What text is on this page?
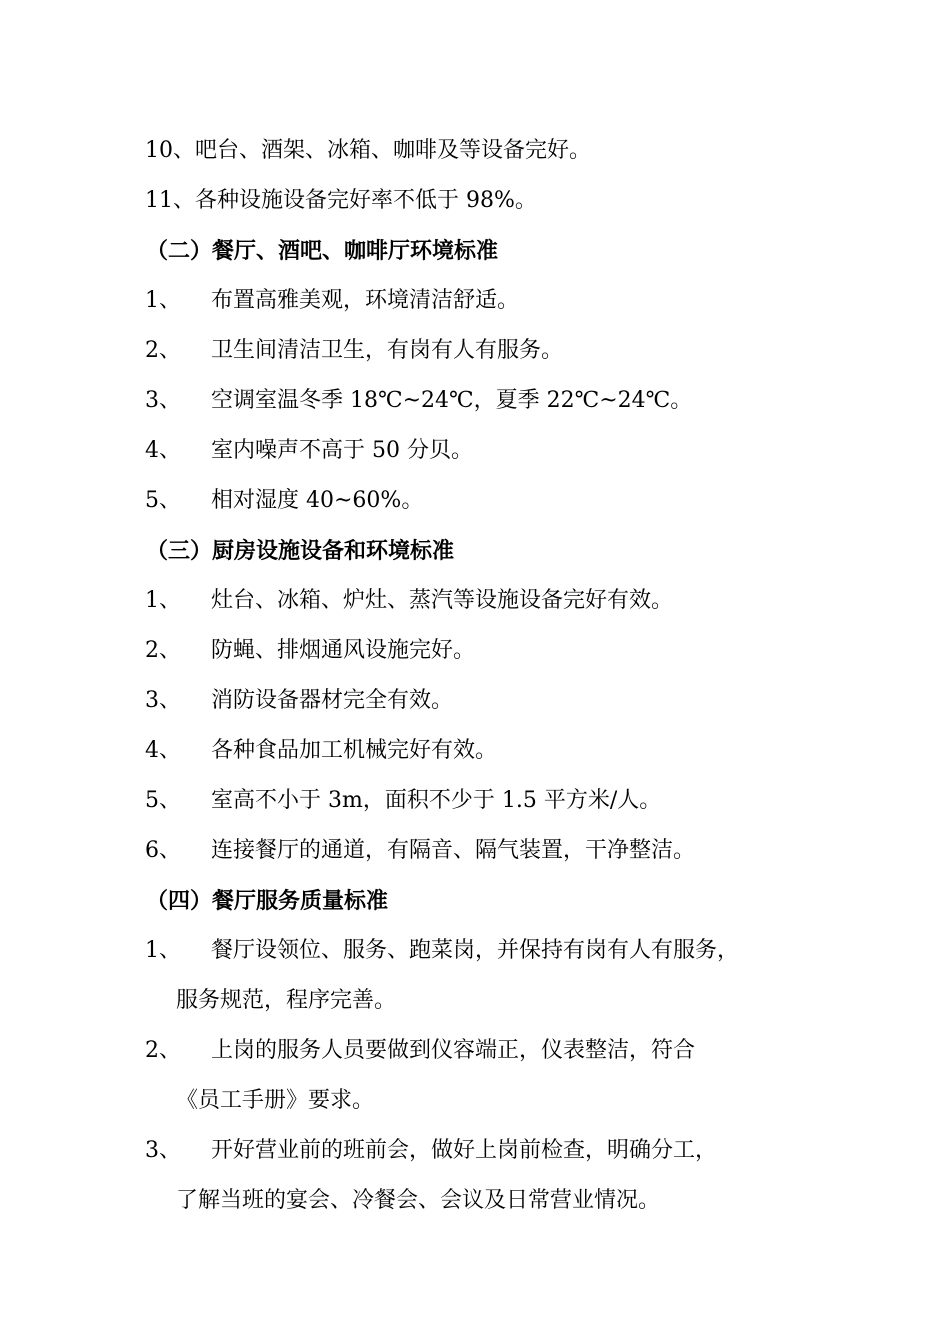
10、吧台、酒架、冰箱、咖啡及等设备完好。
11、各种设施设备完好率不低于 98%。
（二）餐厅、酒吧、咖啡厅环境标准
1、 布置高雅美观，环境清洁舒适。
2、 卫生间清洁卫生，有岗有人有服务。
3、 空调室温冬季 18℃~24℃，夏季 22℃~24℃。
4、 室内噪声不高于 50 分贝。
5、 相对湿度 40~60%。
（三）厨房设施设备和环境标准
1、 灶台、冰箱、炉灶、蒸汽等设施设备完好有效。
2、 防蝇、排烟通风设施完好。
3、 消防设备器材完全有效。
4、 各种食品加工机械完好有效。
5、 室高不小于 3m，面积不少于 1.5 平方米/人。
6、 连接餐厅的通道，有隔音、隔气装置，干净整洁。
（四）餐厅服务质量标准
1、 餐厅设领位、服务、跑菜岗，并保持有岗有人有服务，
服务规范，程序完善。
2、 上岗的服务人员要做到仪容端正，仪表整洁，符合
《员工手册》要求。
3、 开好营业前的班前会，做好上岗前检查，明确分工，
了解当班的宴会、冷餐会、会议及日常营业情况。
